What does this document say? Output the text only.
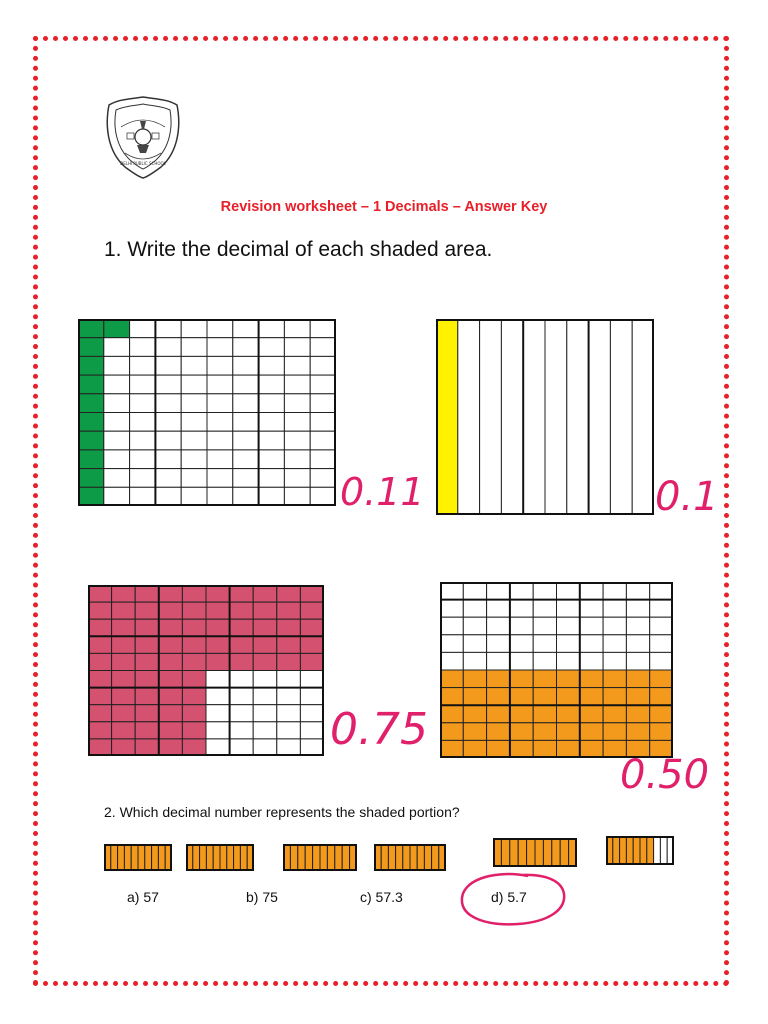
DELHI PUBLIC SCHOOL
Revision worksheet – 1 Decimals – Answer Key
1. Write the decimal of each shaded area.
0.11	0.1
0.75
0.50
2. Which decimal number represents the shaded portion?
a) 57	b) 75	c) 57.3	d) 5.7
